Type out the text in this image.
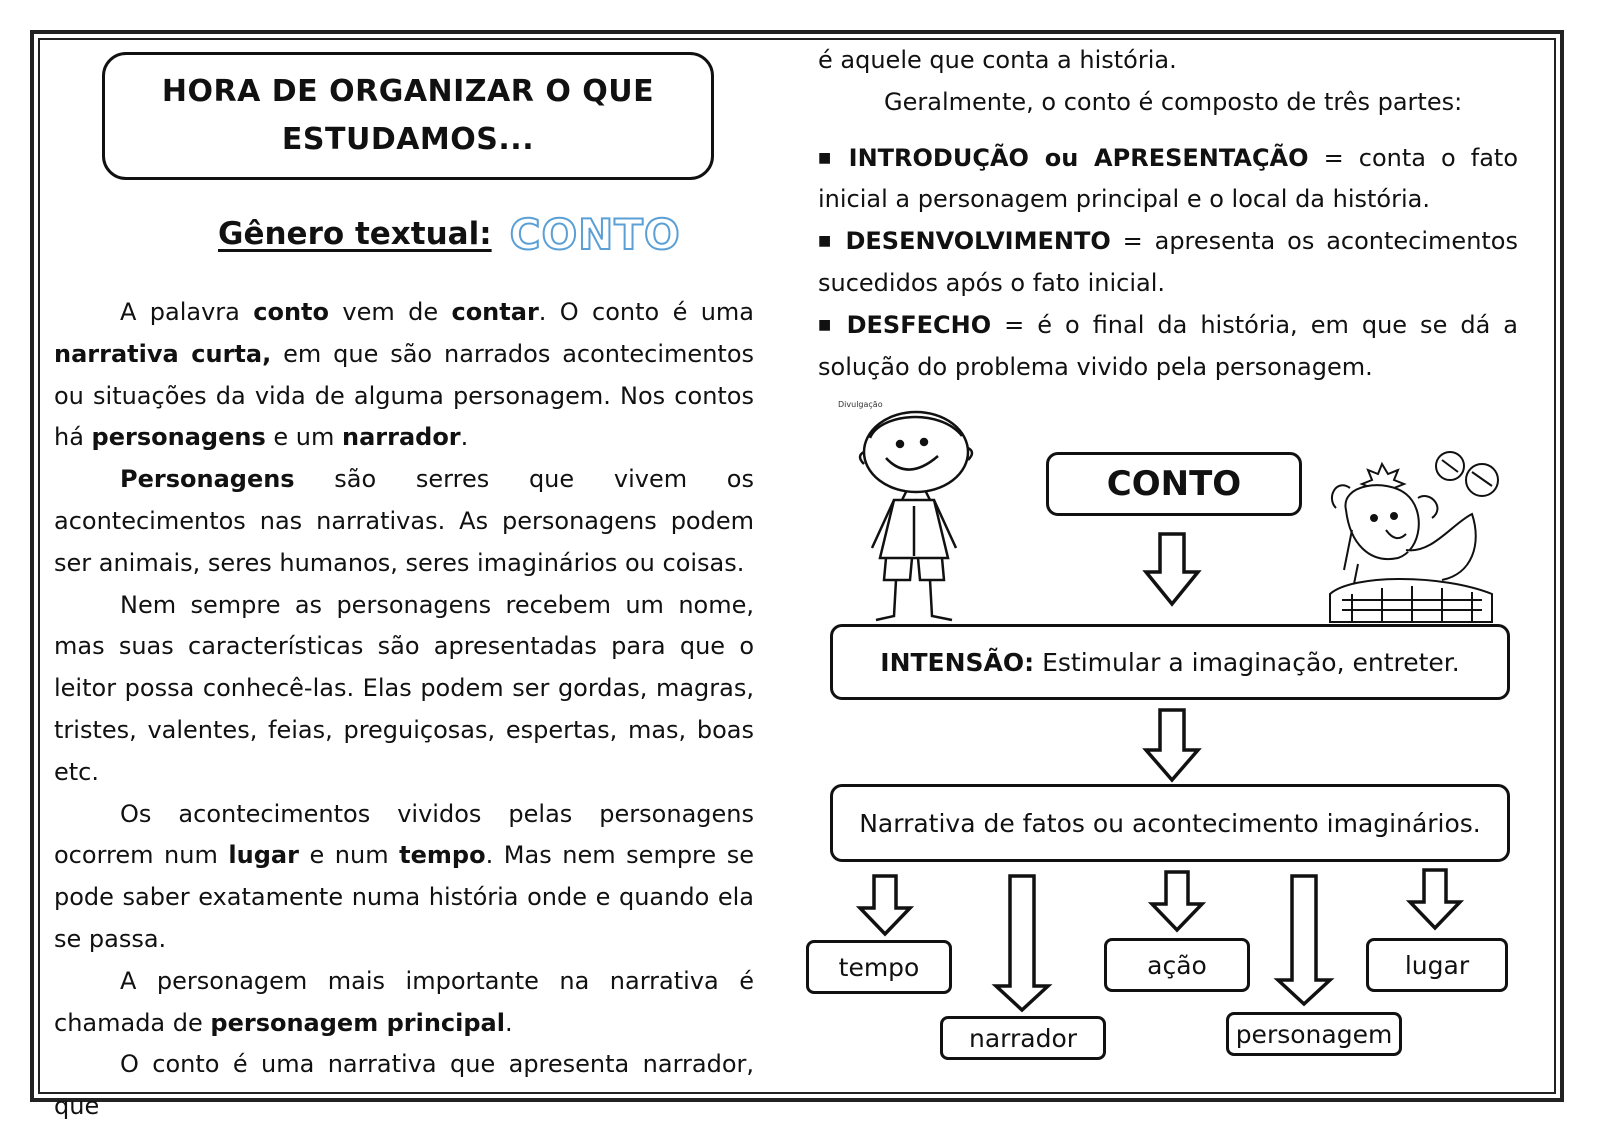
HORA DE ORGANIZAR O QUE
ESTUDAMOS...
Gênero textual: CONTO

A palavra conto vem de contar. O conto é uma narrativa curta, em que são narrados acontecimentos ou situações da vida de alguma personagem. Nos contos há personagens e um narrador.

Personagens são serres que vivem os acontecimentos nas narrativas. As personagens podem ser animais, seres humanos, seres imaginários ou coisas.

Nem sempre as personagens recebem um nome, mas suas características são apresentadas para que o leitor possa conhecê-las. Elas podem ser gordas, magras, tristes, valentes, feias, preguiçosas, espertas, mas, boas etc.

Os acontecimentos vividos pelas personagens ocorrem num lugar e num tempo. Mas nem sempre se pode saber exatamente numa história onde e quando ela se passa.

A personagem mais importante na narrativa é chamada de personagem principal.

O conto é uma narrativa que apresenta narrador, que

é aquele que conta a história.

Geralmente, o conto é composto de três partes:

■ INTRODUÇÃO ou APRESENTAÇÃO = conta o fato inicial a personagem principal e o local da história.

■ DESENVOLVIMENTO = apresenta os acontecimentos sucedidos após o fato inicial.

■ DESFECHO = é o final da história, em que se dá a solução do problema vivido pela personagem.

Divulgação
CONTO
INTENSÃO: Estimular a imaginação, entreter.
Narrativa de fatos ou acontecimento imaginários.
tempo	ação	lugar
narrador	personagem
